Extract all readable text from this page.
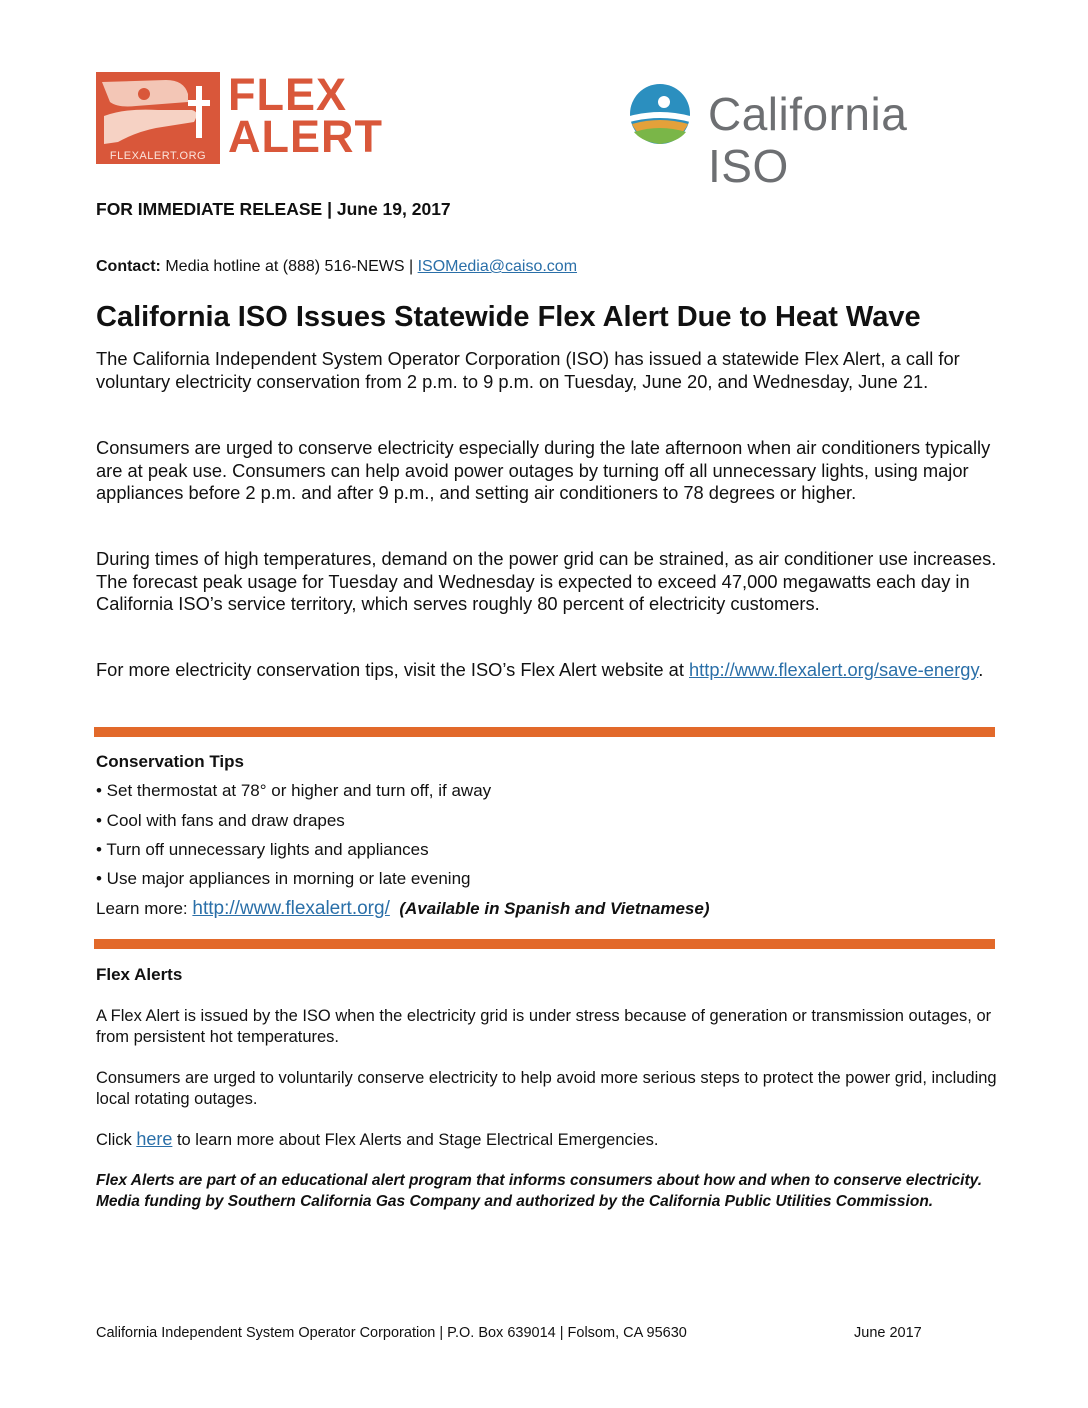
FLEXALERT.ORG
FLEX
ALERT	California ISO
FOR IMMEDIATE RELEASE | June 19, 2017
Contact: Media hotline at (888) 516-NEWS | ISOMedia@caiso.com
California ISO Issues Statewide Flex Alert Due to Heat Wave
The California Independent System Operator Corporation (ISO) has issued a statewide Flex Alert, a call for voluntary electricity conservation from 2 p.m. to 9 p.m. on Tuesday, June 20, and Wednesday, June 21.
Consumers are urged to conserve electricity especially during the late afternoon when air conditioners typically are at peak use. Consumers can help avoid power outages by turning off all unnecessary lights, using major appliances before 2 p.m. and after 9 p.m., and setting air conditioners to 78 degrees or higher.
During times of high temperatures, demand on the power grid can be strained, as air conditioner use increases. The forecast peak usage for Tuesday and Wednesday is expected to exceed 47,000 megawatts each day in California ISO’s service territory, which serves roughly 80 percent of electricity customers.
For more electricity conservation tips, visit the ISO’s Flex Alert website at http://www.flexalert.org/save-energy.
Conservation Tips
• Set thermostat at 78° or higher and turn off, if away
• Cool with fans and draw drapes
• Turn off unnecessary lights and appliances
• Use major appliances in morning or late evening
Learn more: http://www.flexalert.org/ (Available in Spanish and Vietnamese)
Flex Alerts
A Flex Alert is issued by the ISO when the electricity grid is under stress because of generation or transmission outages, or from persistent hot temperatures.
Consumers are urged to voluntarily conserve electricity to help avoid more serious steps to protect the power grid, including local rotating outages.
Click here to learn more about Flex Alerts and Stage Electrical Emergencies.
Flex Alerts are part of an educational alert program that informs consumers about how and when to conserve electricity. Media funding by Southern California Gas Company and authorized by the California Public Utilities Commission.
California Independent System Operator Corporation | P.O. Box 639014 | Folsom, CA 95630	June 2017
